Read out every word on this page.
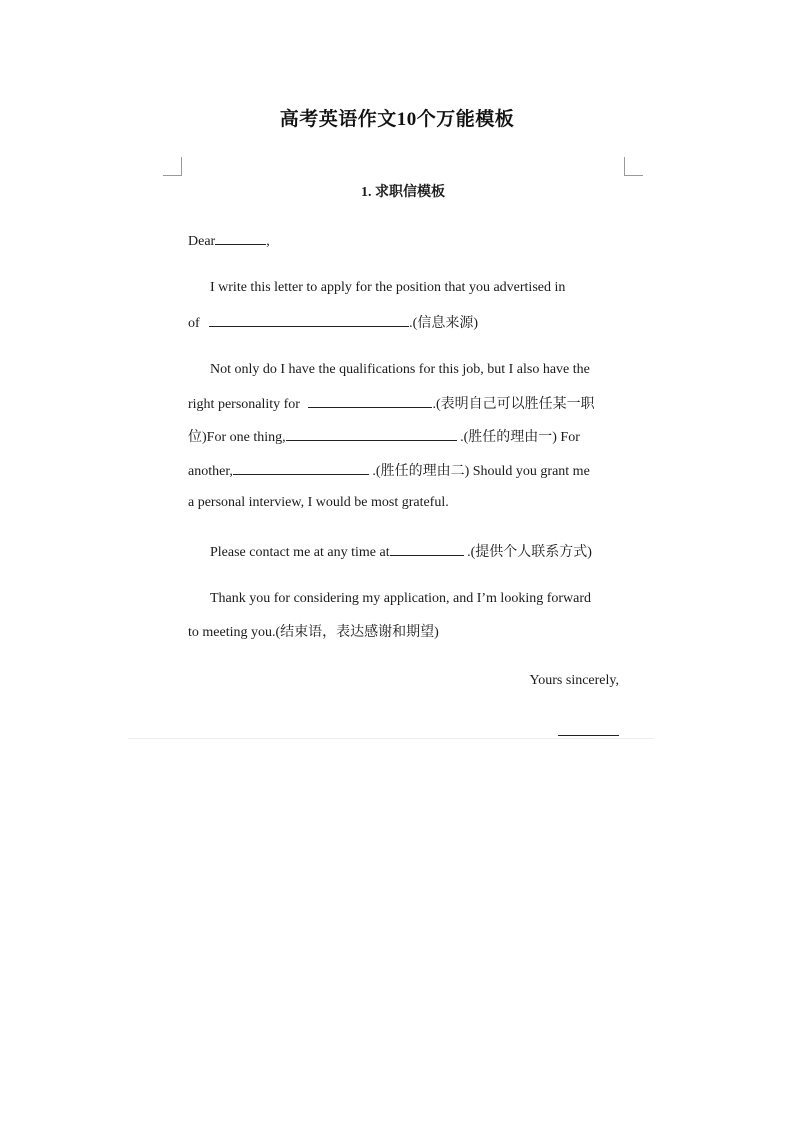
高考英语作文10个万能模板
1. 求职信模板
Dear	,
I write this letter to apply for the position that you advertised in
of	.(信息来源)
Not only do I have the qualifications for this job, but I also have the
right personality for	.(表明自己可以胜任某一职
位)For one thing,	.(胜任的理由一) For
another,	.(胜任的理由二) Should you grant me
a personal interview, I would be most grateful.
Please contact me at any time at	.(提供个人联系方式)
Thank you for considering my application, and I’m looking forward
to meeting you.(结束语，表达感谢和期望)
Yours sincerely,
